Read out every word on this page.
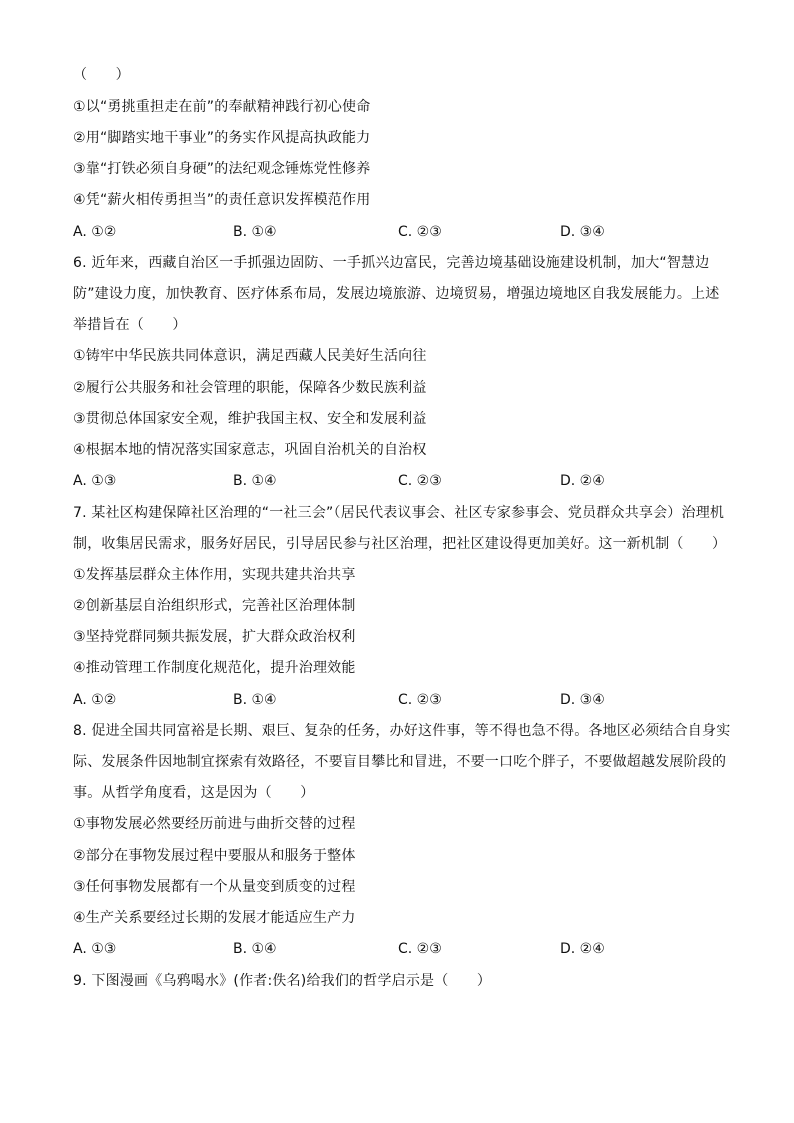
（　　）
①以“勇挑重担走在前”的奉献精神践行初心使命
②用“脚踏实地干事业”的务实作风提高执政能力
③靠“打铁必须自身硬”的法纪观念锤炼党性修养
④凭“薪火相传勇担当”的责任意识发挥模范作用
A. ①②	B. ①④	C. ②③	D. ③④
6. 近年来，西藏自治区一手抓强边固防、一手抓兴边富民，完善边境基础设施建设机制，加大“智慧边
防”建设力度，加快教育、医疗体系布局，发展边境旅游、边境贸易，增强边境地区自我发展能力。上述
举措旨在（　　）
①铸牢中华民族共同体意识，满足西藏人民美好生活向往
②履行公共服务和社会管理的职能，保障各少数民族利益
③贯彻总体国家安全观，维护我国主权、安全和发展利益
④根据本地的情况落实国家意志，巩固自治机关的自治权
A. ①③	B. ①④	C. ②③	D. ②④
7. 某社区构建保障社区治理的“一社三会”（居民代表议事会、社区专家参事会、党员群众共享会）治理机
制，收集居民需求，服务好居民，引导居民参与社区治理，把社区建设得更加美好。这一新机制（　　）
①发挥基层群众主体作用，实现共建共治共享
②创新基层自治组织形式，完善社区治理体制
③坚持党群同频共振发展，扩大群众政治权利
④推动管理工作制度化规范化，提升治理效能
A. ①②	B. ①④	C. ②③	D. ③④
8. 促进全国共同富裕是长期、艰巨、复杂的任务，办好这件事，等不得也急不得。各地区必须结合自身实
际、发展条件因地制宜探索有效路径，不要盲目攀比和冒进，不要一口吃个胖子，不要做超越发展阶段的
事。从哲学角度看，这是因为（　　）
①事物发展必然要经历前进与曲折交替的过程
②部分在事物发展过程中要服从和服务于整体
③任何事物发展都有一个从量变到质变的过程
④生产关系要经过长期的发展才能适应生产力
A. ①③	B. ①④	C. ②③	D. ②④
9. 下图漫画《乌鸦喝水》(作者:佚名)给我们的哲学启示是（　　）
